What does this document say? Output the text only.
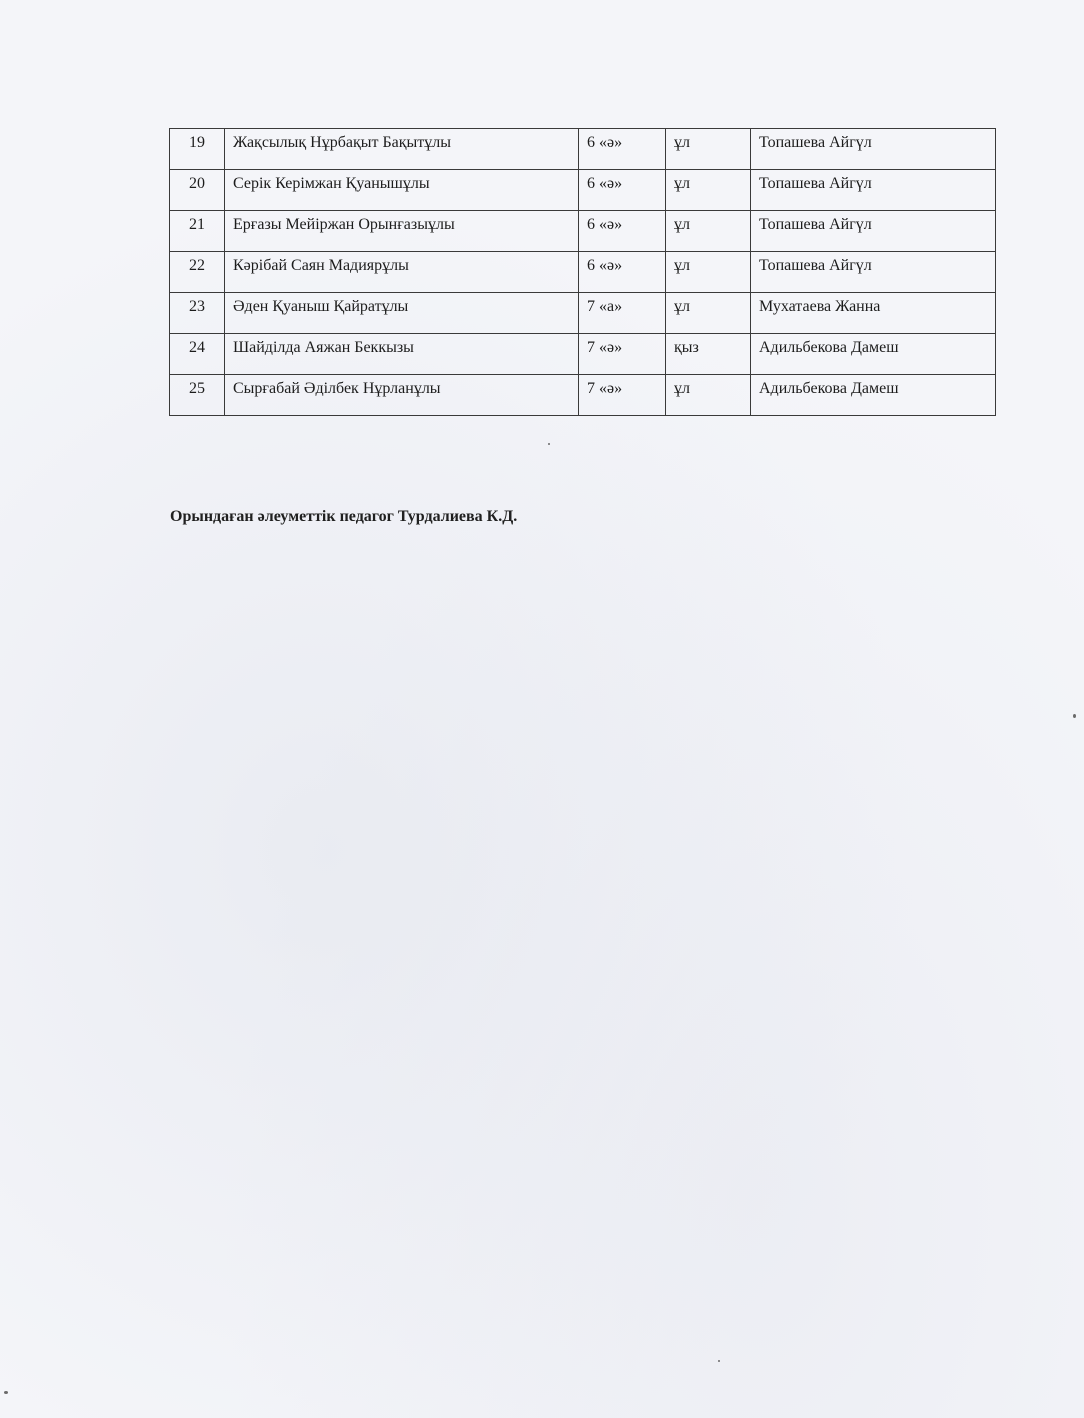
19	Жақсылық Нұрбақыт Бақытұлы	6 «ә»	ұл	Топашева Айгүл
20	Серік Керімжан Қуанышұлы	6 «ә»	ұл	Топашева Айгүл
21	Ерғазы Мейіржан Орынғазыұлы	6 «ә»	ұл	Топашева Айгүл
22	Кәрібай Саян Мадиярұлы	6 «ә»	ұл	Топашева Айгүл
23	Әден Қуаныш Қайратұлы	7 «а»	ұл	Мухатаева Жанна
24	Шайділда Аяжан Беккызы	7 «ә»	қыз	Адильбекова Дамеш
25	Сырғабай Әділбек Нұрланұлы	7 «ә»	ұл	Адильбекова Дамеш
Орындаған әлеуметтік педагог Турдалиева К.Д.
